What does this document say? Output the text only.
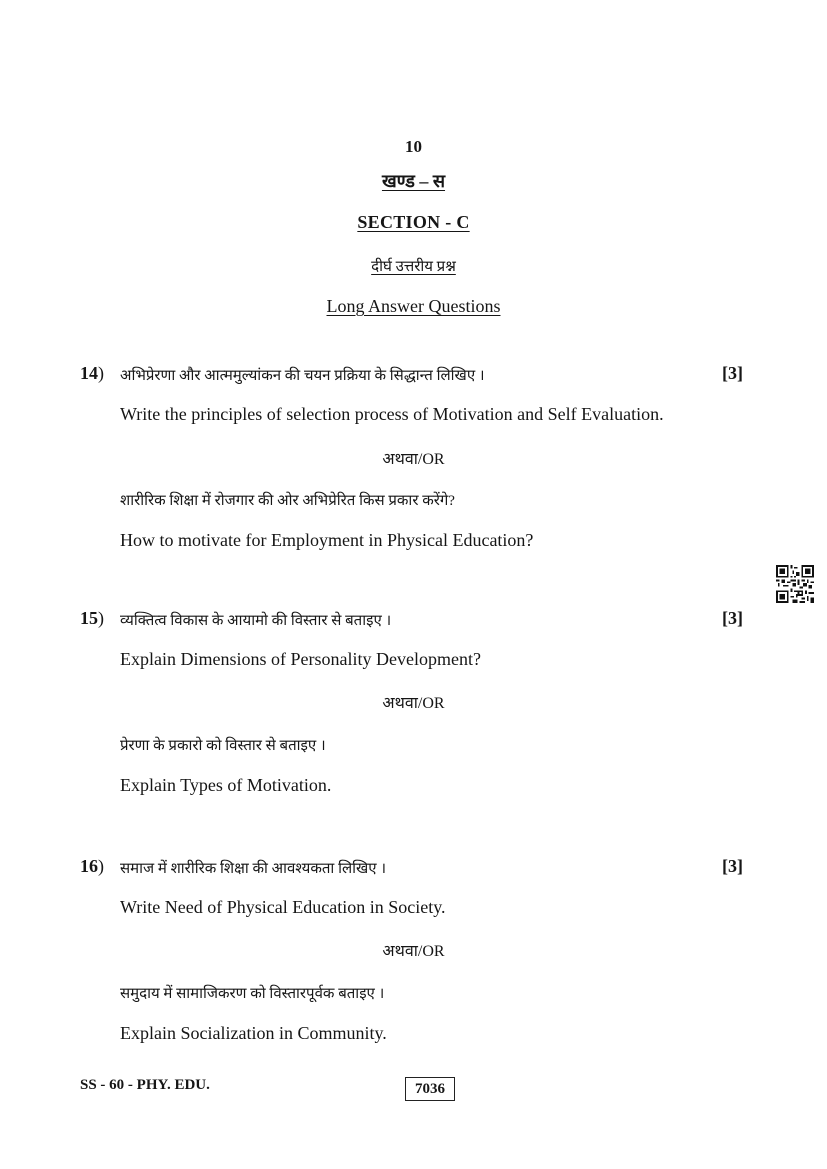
10
खण्ड – स
SECTION - C
दीर्घ उत्तरीय प्रश्न
Long Answer Questions
14) अभिप्रेरणा और आत्ममुल्यांकन की चयन प्रक्रिया के सिद्धान्त लिखिए ।	[3]
Write the principles of selection process of Motivation and Self Evaluation.
अथवा/OR
शारीरिक शिक्षा में रोजगार की ओर अभिप्रेरित किस प्रकार करेंगे?
How to motivate for Employment in Physical Education?
15) व्यक्तित्व विकास के आयामो की विस्तार से बताइए ।	[3]
Explain Dimensions of Personality Development?
अथवा/OR
प्रेरणा के प्रकारो को विस्तार से बताइए ।
Explain Types of Motivation.
16) समाज में शारीरिक शिक्षा की आवश्यकता लिखिए ।	[3]
Write Need of Physical Education in Society.
अथवा/OR
समुदाय में सामाजिकरण को विस्तारपूर्वक बताइए ।
Explain Socialization in Community.
SS - 60 - PHY. EDU.	7036
